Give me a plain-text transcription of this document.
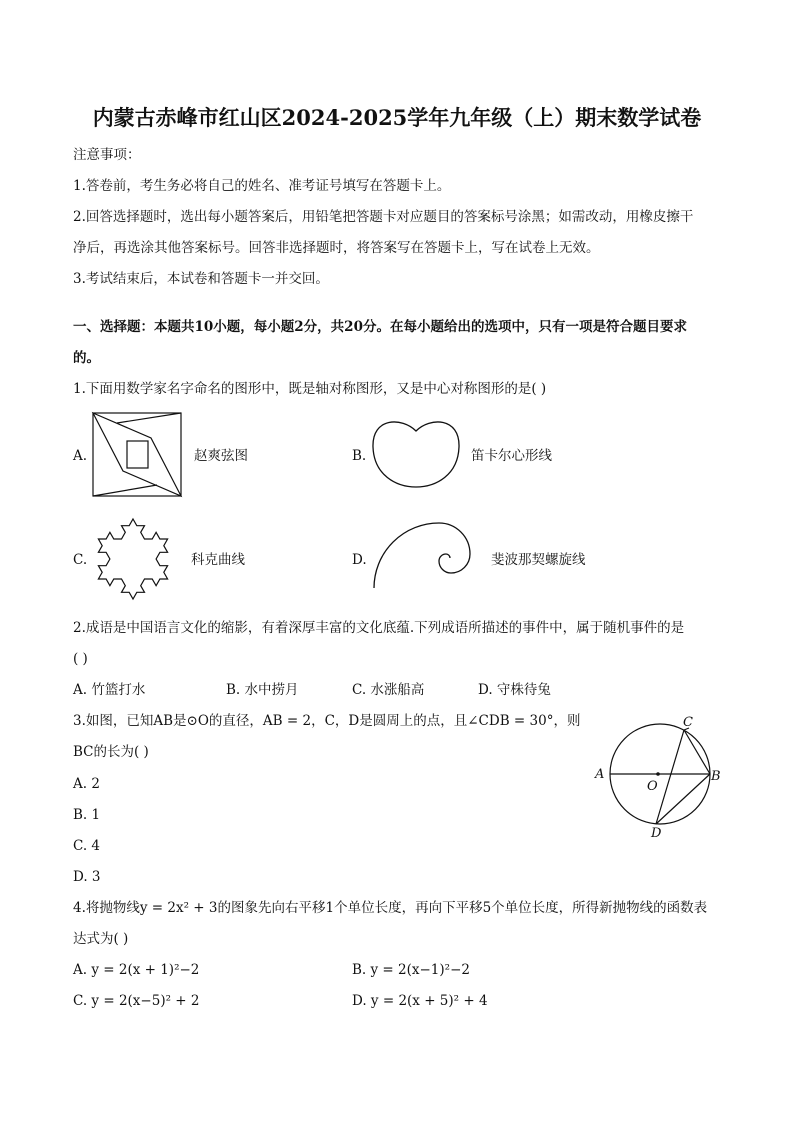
内蒙古赤峰市红山区2024-2025学年九年级（上）期末数学试卷
注意事项：
1.答卷前，考生务必将自己的姓名、准考证号填写在答题卡上。
2.回答选择题时，选出每小题答案后，用铅笔把答题卡对应题目的答案标号涂黑；如需改动，用橡皮擦干
净后，再选涂其他答案标号。回答非选择题时，将答案写在答题卡上，写在试卷上无效。
3.考试结束后，本试卷和答题卡一并交回。
一、选择题：本题共10小题，每小题2分，共20分。在每小题给出的选项中，只有一项是符合题目要求
的。
1.下面用数学家名字命名的图形中，既是轴对称图形，又是中心对称图形的是( )
A.	赵爽弦图	B.	笛卡尔心形线
C.	科克曲线	D.	斐波那契螺旋线
2.成语是中国语言文化的缩影，有着深厚丰富的文化底蕴.下列成语所描述的事件中，属于随机事件的是
( )
A. 竹篮打水	B. 水中捞月	C. 水涨船高	D. 守株待兔
3.如图，已知AB是⊙O的直径，AB = 2，C，D是圆周上的点，且∠CDB = 30°，则
BC的长为( )
A. 2
B. 1
C. 4
D. 3
A	B
C
D
O
4.将抛物线y = 2x² + 3的图象先向右平移1个单位长度，再向下平移5个单位长度，所得新抛物线的函数表
达式为( )
A. y = 2(x + 1)²−2	B. y = 2(x−1)²−2
C. y = 2(x−5)² + 2	D. y = 2(x + 5)² + 4
